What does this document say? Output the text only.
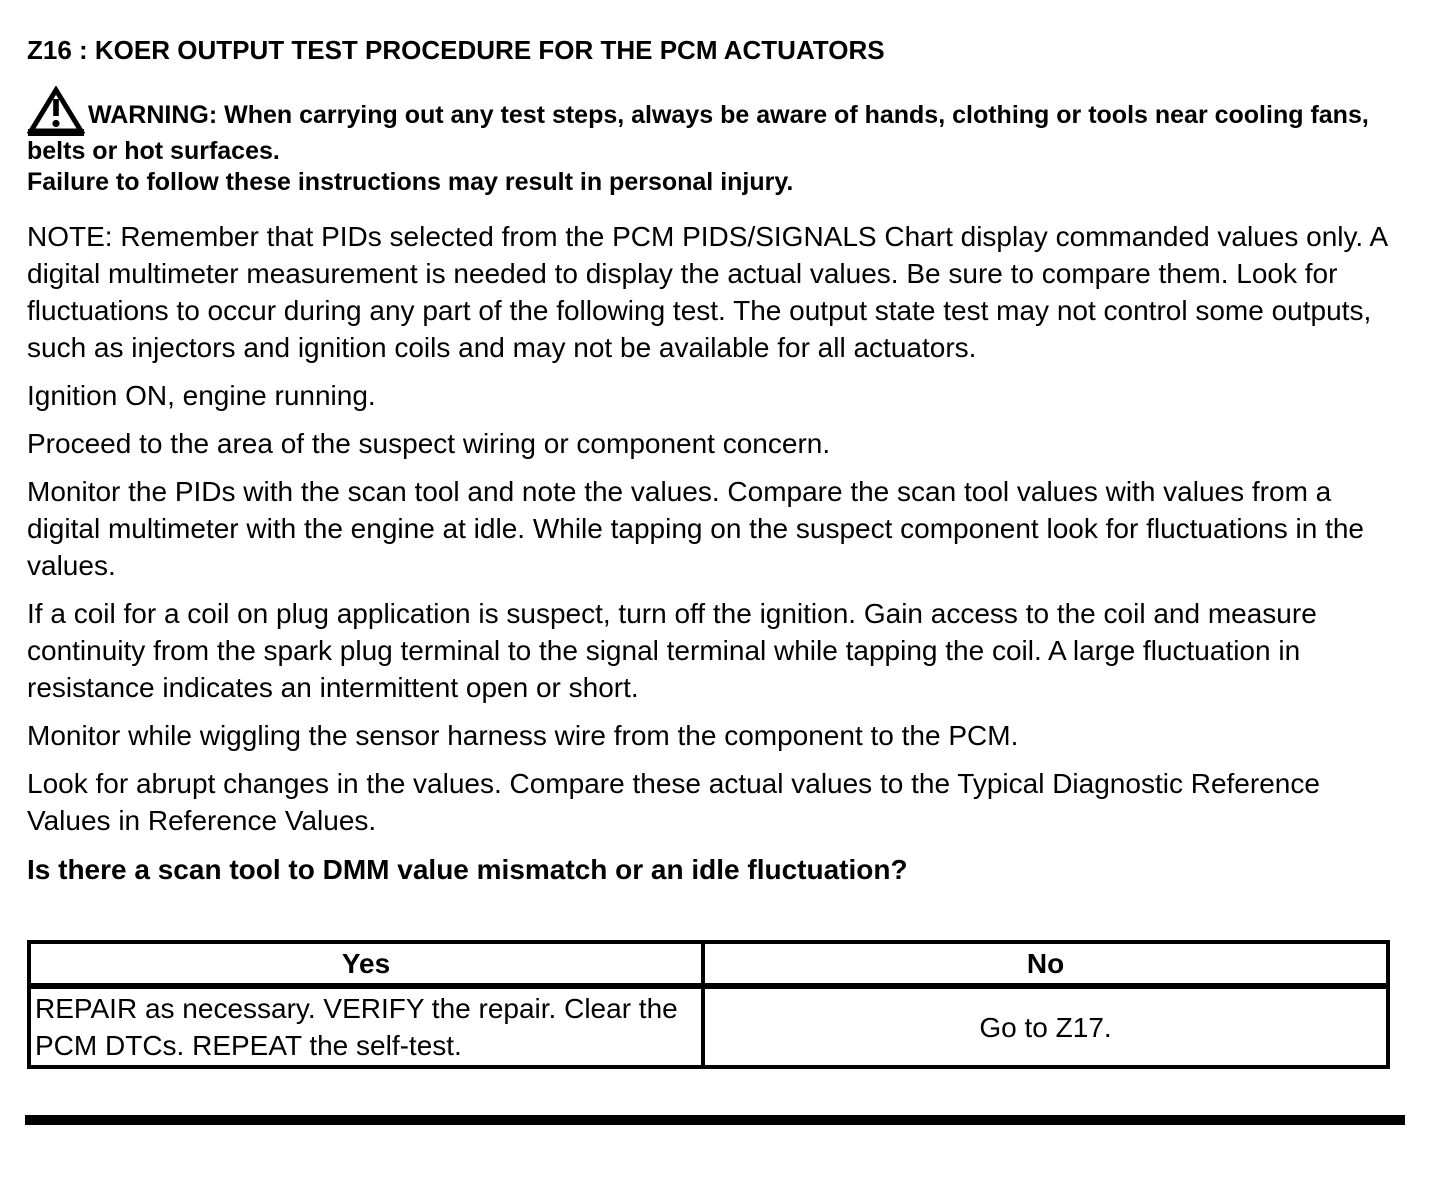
Z16 : KOER OUTPUT TEST PROCEDURE FOR THE PCM ACTUATORS

WARNING: When carrying out any test steps, always be aware of hands, clothing or tools near cooling fans, belts or hot surfaces.
Failure to follow these instructions may result in personal injury.

NOTE: Remember that PIDs selected from the PCM PIDS/SIGNALS Chart display commanded values only. A digital multimeter measurement is needed to display the actual values. Be sure to compare them. Look for fluctuations to occur during any part of the following test. The output state test may not control some outputs, such as injectors and ignition coils and may not be available for all actuators.

Ignition ON, engine running.

Proceed to the area of the suspect wiring or component concern.

Monitor the PIDs with the scan tool and note the values. Compare the scan tool values with values from a digital multimeter with the engine at idle. While tapping on the suspect component look for fluctuations in the values.

If a coil for a coil on plug application is suspect, turn off the ignition. Gain access to the coil and measure continuity from the spark plug terminal to the signal terminal while tapping the coil. A large fluctuation in resistance indicates an intermittent open or short.

Monitor while wiggling the sensor harness wire from the component to the PCM.

Look for abrupt changes in the values. Compare these actual values to the Typical Diagnostic Reference Values in Reference Values.

Is there a scan tool to DMM value mismatch or an idle fluctuation?

Yes	No
REPAIR as necessary. VERIFY the repair. Clear the PCM DTCs. REPEAT the self-test.	Go to Z17.
